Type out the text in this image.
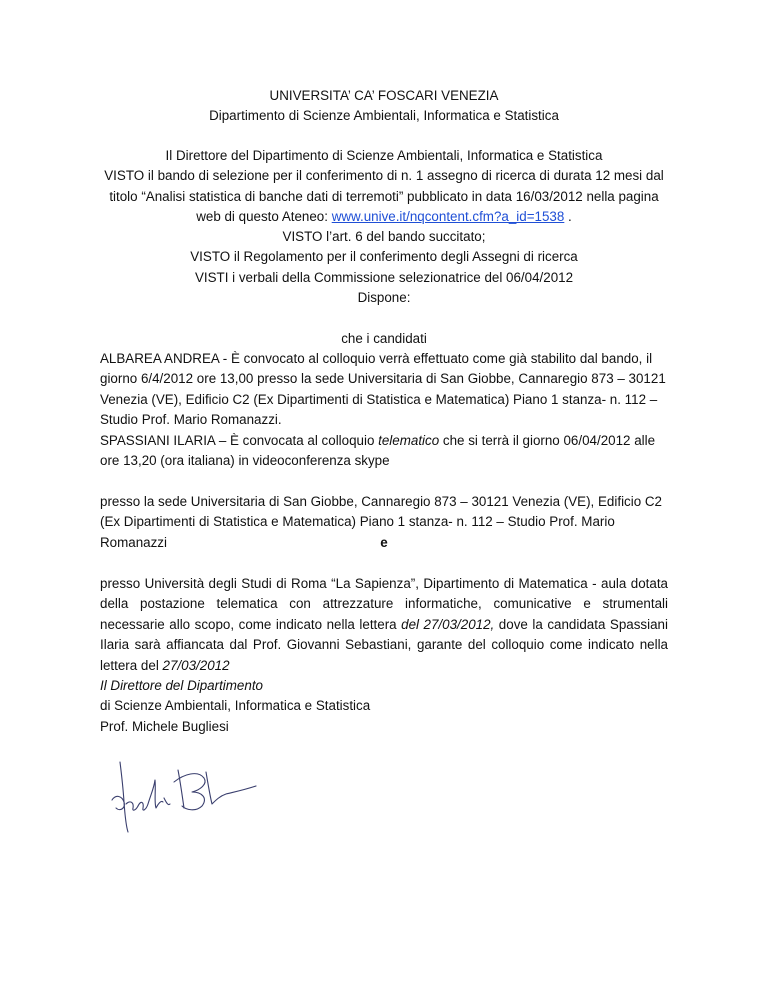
UNIVERSITA’ CA’ FOSCARI VENEZIA
Dipartimento di Scienze Ambientali, Informatica e Statistica
Il Direttore del Dipartimento di Scienze Ambientali, Informatica e Statistica
VISTO il bando di selezione per il conferimento di n. 1 assegno di ricerca di durata 12 mesi dal titolo “Analisi statistica di banche dati di terremoti” pubblicato in data 16/03/2012 nella pagina web di questo Ateneo: www.unive.it/nqcontent.cfm?a_id=1538 .
VISTO l’art. 6 del bando succitato;
VISTO il Regolamento per il conferimento degli Assegni di ricerca
VISTI i verbali della Commissione selezionatrice del 06/04/2012
Dispone:
che i candidati
ALBAREA ANDREA - È convocato al colloquio verrà effettuato come già stabilito dal bando, il giorno 6/4/2012 ore 13,00 presso la sede Universitaria di San Giobbe, Cannaregio 873 – 30121 Venezia (VE), Edificio C2 (Ex Dipartimenti di Statistica e Matematica) Piano 1 stanza- n. 112 – Studio Prof. Mario Romanazzi.
SPASSIANI ILARIA – È convocata al colloquio telematico che si terrà il giorno 06/04/2012 alle ore 13,20 (ora italiana) in videoconferenza skype
presso la sede Universitaria di San Giobbe, Cannaregio 873 – 30121 Venezia (VE), Edificio C2 (Ex Dipartimenti di Statistica e Matematica) Piano 1 stanza- n. 112 – Studio Prof. Mario Romanazzi	e
presso Università degli Studi di Roma “La Sapienza”, Dipartimento di Matematica - aula dotata della postazione telematica con attrezzature informatiche, comunicative e strumentali necessarie allo scopo, come indicato nella lettera del 27/03/2012, dove la candidata Spassiani Ilaria sarà affiancata dal Prof. Giovanni Sebastiani, garante del colloquio come indicato nella lettera del 27/03/2012
Il Direttore del Dipartimento
di Scienze Ambientali, Informatica e Statistica
Prof. Michele Bugliesi
